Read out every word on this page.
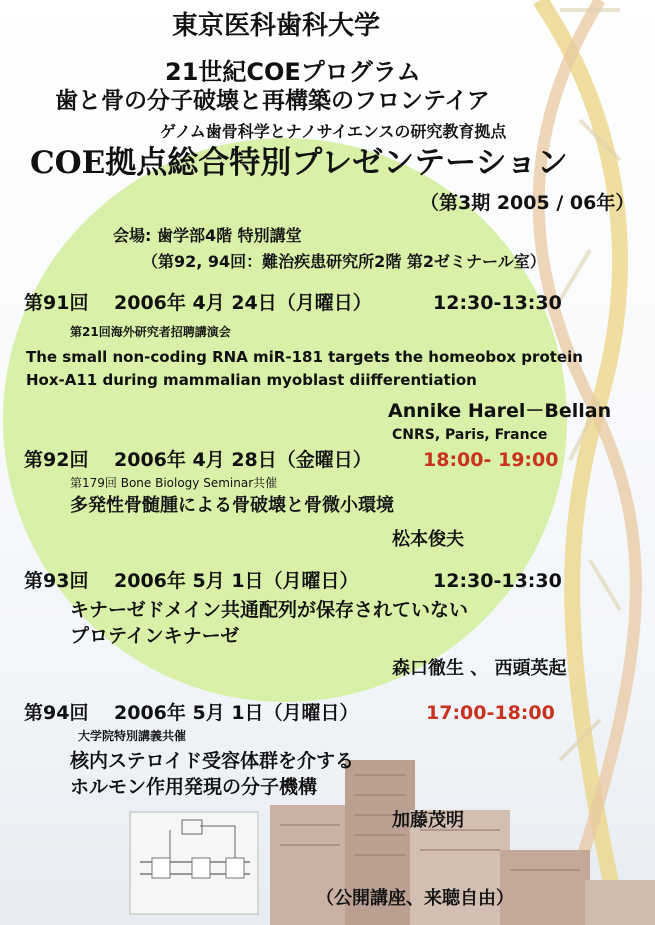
東京医科歯科大学
21世紀COEプログラム
歯と骨の分子破壊と再構築のフロンテイア
ゲノム歯骨科学とナノサイエンスの研究教育拠点
COE拠点総合特別プレゼンテーション
（第3期 2005 / 06年）
会場: 歯学部4階 特別講堂
（第92, 94回：難治疾患研究所2階 第2ゼミナール室）
第91回 2006年 4月 24日（月曜日）	12:30-13:30
第21回海外研究者招聘講演会
The small non-coding RNA miR-181 targets the homeobox protein
Hox-A11 during mammalian myoblast diifferentiation
Annike Harel－Bellan
CNRS, Paris, France
第92回 2006年 4月 28日（金曜日）	18:00- 19:00
第179回 Bone Biology Seminar共催
多発性骨髄腫による骨破壊と骨微小環境
松本俊夫
第93回 2006年 5月 1日（月曜日）	12:30-13:30
キナーゼドメイン共通配列が保存されていない
プロテインキナーゼ
森口徹生 、 西頭英起
第94回 2006年 5月 1日（月曜日）	17:00-18:00
大学院特別講義共催
核内ステロイド受容体群を介する
ホルモン作用発現の分子機構
加藤茂明
（公開講座、来聴自由）
